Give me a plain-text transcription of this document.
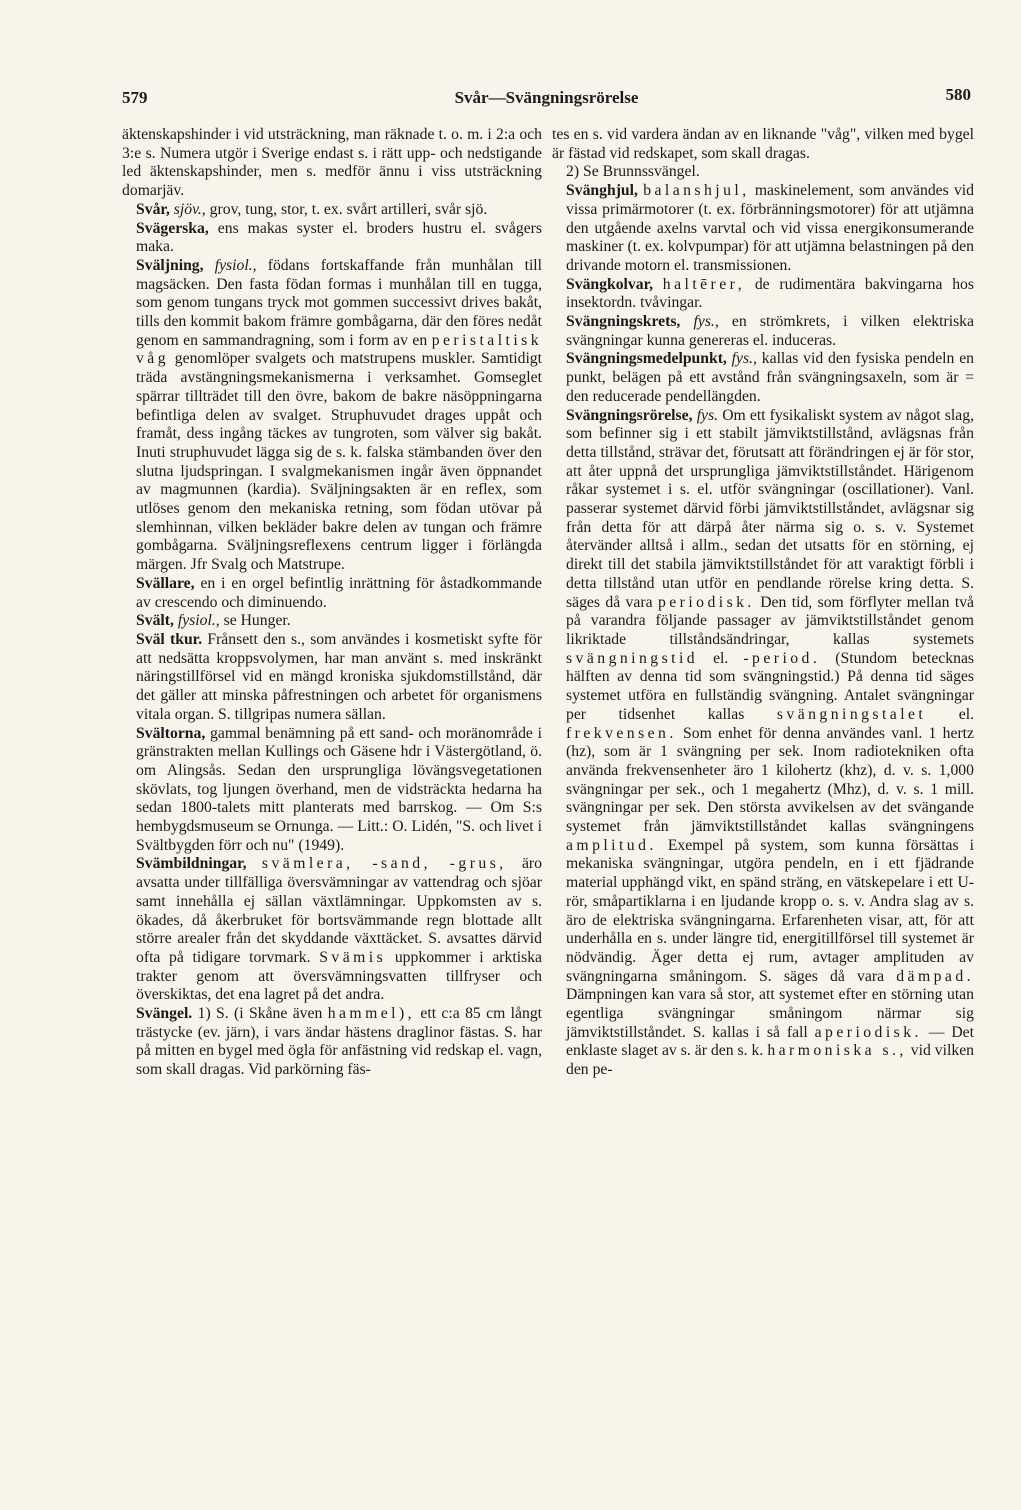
579	Svår—Svängningsrörelse	580

äktenskapshinder i vid utsträckning, man räknade t. o. m. i 2:a och 3:e s. Numera utgör i Sverige endast s. i rätt upp- och nedstigande led äktenskapshinder, men s. medför ännu i viss utsträckning domarjäv.

Svår, sjöv., grov, tung, stor, t. ex. svårt artilleri, svår sjö.

Svägerska, ens makas syster el. broders hustru el. svågers maka.

Sväljning, fysiol., födans fortskaffande från munhålan till magsäcken. Den fasta födan formas i munhålan till en tugga, som genom tungans tryck mot gommen successivt drives bakåt, tills den kommit bakom främre gombågarna, där den föres nedåt genom en sammandragning, som i form av en peristaltisk våg genomlöper svalgets och matstrupens muskler. Samtidigt träda avstängningsmekanismerna i verksamhet. Gomseglet spärrar tillträdet till den övre, bakom de bakre näsöppningarna befintliga delen av svalget. Struphuvudet drages uppåt och framåt, dess ingång täckes av tungroten, som välver sig bakåt. Inuti struphuvudet lägga sig de s. k. falska stämbanden över den slutna ljudspringan. I svalgmekanismen ingår även öppnandet av magmunnen (kardia). Sväljningsakten är en reflex, som utlöses genom den mekaniska retning, som födan utövar på slemhinnan, vilken bekläder bakre delen av tungan och främre gombågarna. Sväljningsreflexens centrum ligger i förlängda märgen. Jfr Svalg och Matstrupe.

Svällare, en i en orgel befintlig inrättning för åstadkommande av crescendo och diminuendo.

Svält, fysiol., se Hunger.

Sväl tkur. Frånsett den s., som användes i kosmetiskt syfte för att nedsätta kroppsvolymen, har man använt s. med inskränkt näringstillförsel vid en mängd kroniska sjukdomstillstånd, där det gäller att minska påfrestningen och arbetet för organismens vitala organ. S. tillgripas numera sällan.

Svältorna, gammal benämning på ett sand- och moränområde i gränstrakten mellan Kullings och Gäsene hdr i Västergötland, ö. om Alingsås. Sedan den ursprungliga lövängsvegetationen skövlats, tog ljungen överhand, men de vidsträckta hedarna ha sedan 1800-talets mitt planterats med barrskog. — Om S:s hembygdsmuseum se Ornunga. — Litt.: O. Lidén, "S. och livet i Svältbygden förr och nu" (1949).

Svämbildningar, svämlera, -sand, -grus, äro avsatta under tillfälliga översvämningar av vattendrag och sjöar samt innehålla ej sällan växtlämningar. Uppkomsten av s. ökades, då åkerbruket för bortsvämmande regn blottade allt större arealer från det skyddande växttäcket. S. avsattes därvid ofta på tidigare torvmark. Svämis uppkommer i arktiska trakter genom att översvämningsvatten tillfryser och överskiktas, det ena lagret på det andra.

Svängel. 1) S. (i Skåne även hammel), ett c:a 85 cm långt trästycke (ev. järn), i vars ändar hästens draglinor fästas. S. har på mitten en bygel med ögla för anfästning vid redskap el. vagn, som skall dragas. Vid parkörning fäs-

tes en s. vid vardera ändan av en liknande "våg", vilken med bygel är fästad vid redskapet, som skall dragas.

2) Se Brunnssvängel.

Svänghjul, balanshjul, maskinelement, som användes vid vissa primärmotorer (t. ex. förbränningsmotorer) för att utjämna den utgående axelns varvtal och vid vissa energikonsumerande maskiner (t. ex. kolvpumpar) för att utjämna belastningen på den drivande motorn el. transmissionen.

Svängkolvar, haltērer, de rudimentära bakvingarna hos insektordn. tvåvingar.

Svängningskrets, fys., en strömkrets, i vilken elektriska svängningar kunna genereras el. induceras.

Svängningsmedelpunkt, fys., kallas vid den fysiska pendeln en punkt, belägen på ett avstånd från svängningsaxeln, som är = den reducerade pendellängden.

Svängningsrörelse, fys. Om ett fysikaliskt system av något slag, som befinner sig i ett stabilt jämviktstillstånd, avlägsnas från detta tillstånd, strävar det, förutsatt att förändringen ej är för stor, att åter uppnå det ursprungliga jämviktstillståndet. Härigenom råkar systemet i s. el. utför svängningar (oscillationer). Vanl. passerar systemet därvid förbi jämviktstillståndet, avlägsnar sig från detta för att därpå åter närma sig o. s. v. Systemet återvänder alltså i allm., sedan det utsatts för en störning, ej direkt till det stabila jämviktstillståndet för att varaktigt förbli i detta tillstånd utan utför en pendlande rörelse kring detta. S. säges då vara periodisk. Den tid, som förflyter mellan två på varandra följande passager av jämviktstillståndet genom likriktade tillståndsändringar, kallas systemets svängningstid el. -period. (Stundom betecknas hälften av denna tid som svängningstid.) På denna tid säges systemet utföra en fullständig svängning. Antalet svängningar per tidsenhet kallas svängningstalet el. frekvensen. Som enhet för denna användes vanl. 1 hertz (hz), som är 1 svängning per sek. Inom radiotekniken ofta använda frekvensenheter äro 1 kilohertz (khz), d. v. s. 1,000 svängningar per sek., och 1 megahertz (Mhz), d. v. s. 1 mill. svängningar per sek. Den största avvikelsen av det svängande systemet från jämviktstillståndet kallas svängningens amplitud. Exempel på system, som kunna försättas i mekaniska svängningar, utgöra pendeln, en i ett fjädrande material upphängd vikt, en spänd sträng, en vätskepelare i ett U-rör, småpartiklarna i en ljudande kropp o. s. v. Andra slag av s. äro de elektriska svängningarna. Erfarenheten visar, att, för att underhålla en s. under längre tid, energitillförsel till systemet är nödvändig. Äger detta ej rum, avtager amplituden av svängningarna småningom. S. säges då vara dämpad. Dämpningen kan vara så stor, att systemet efter en störning utan egentliga svängningar småningom närmar sig jämviktstillståndet. S. kallas i så fall aperiodisk. — Det enklaste slaget av s. är den s. k. harmoniska s., vid vilken den pe-
